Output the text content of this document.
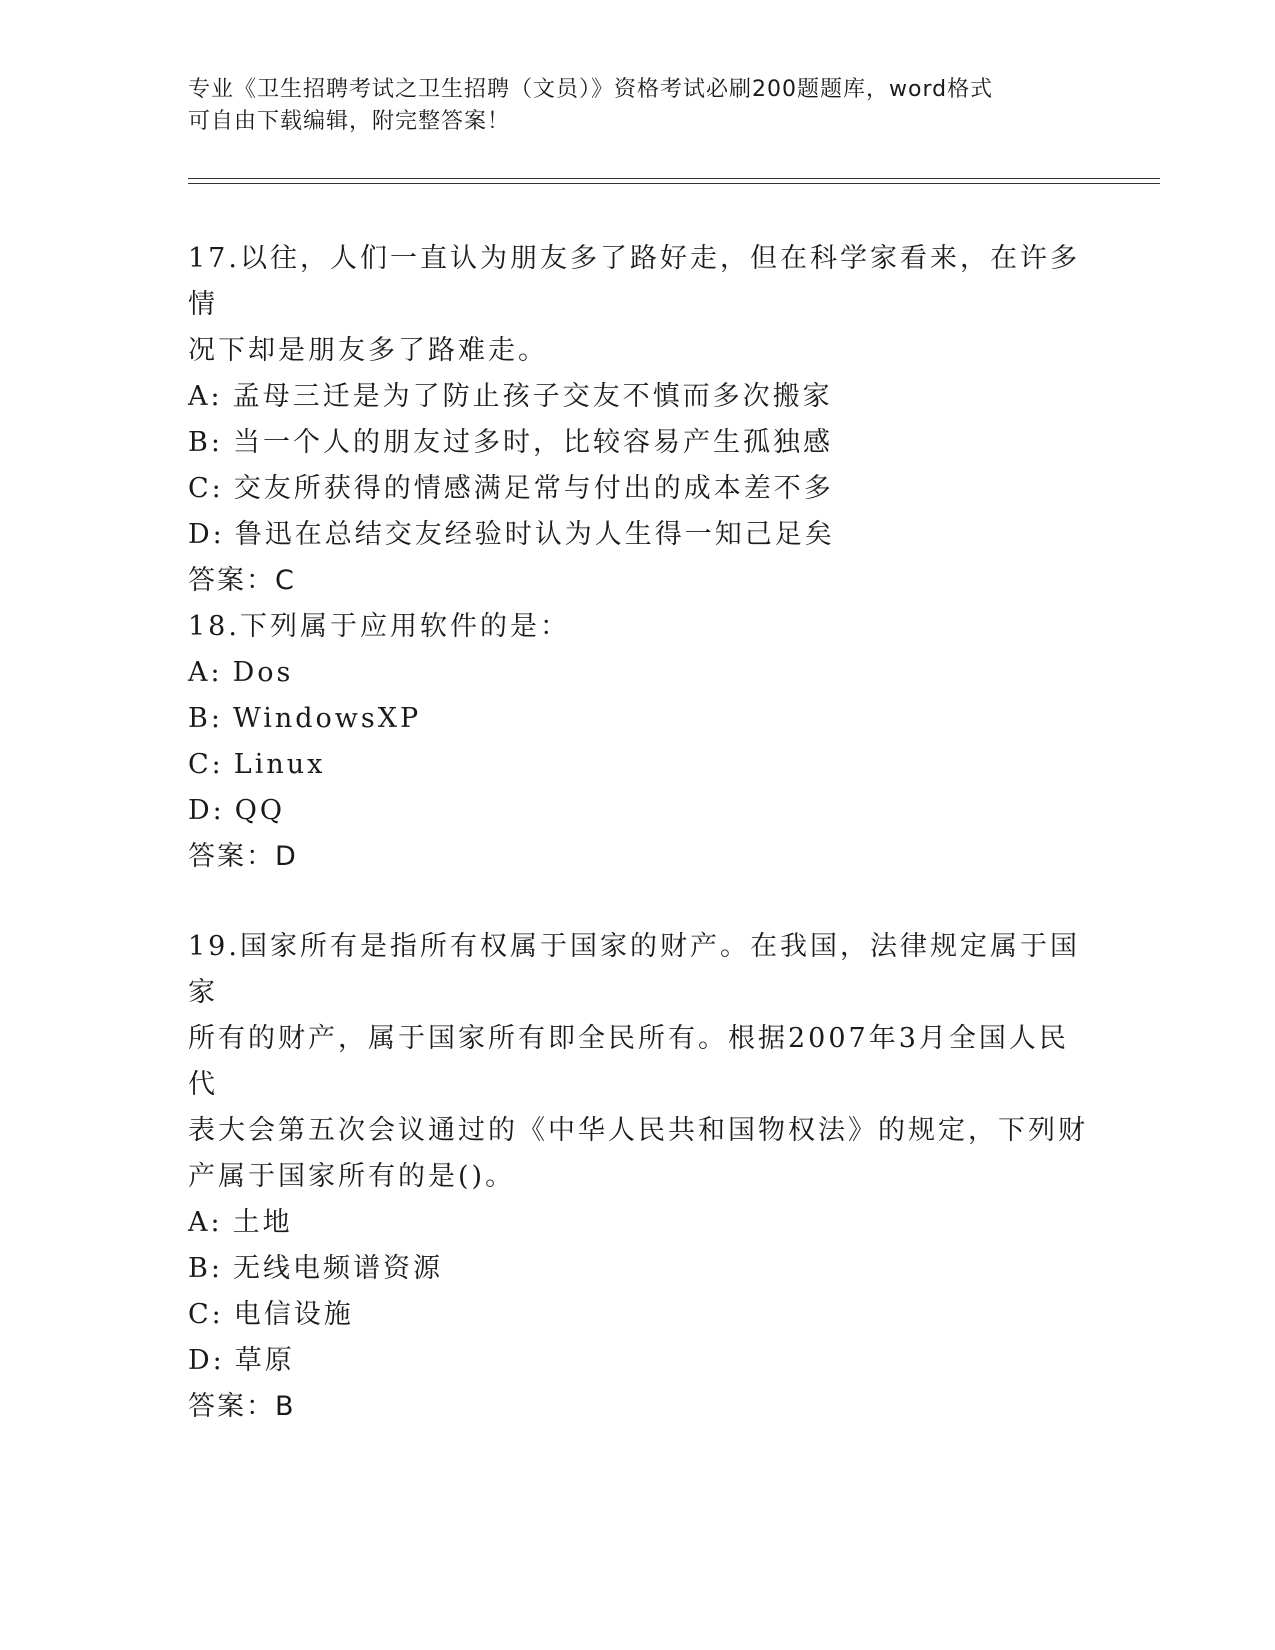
专业《卫生招聘考试之卫生招聘（文员）》资格考试必刷200题题库，word格式
可自由下载编辑，附完整答案！

17.以往，人们一直认为朋友多了路好走，但在科学家看来，在许多情

况下却是朋友多了路难走。

A: 孟母三迁是为了防止孩子交友不慎而多次搬家

B: 当一个人的朋友过多时，比较容易产生孤独感

C: 交友所获得的情感满足常与付出的成本差不多

D: 鲁迅在总结交友经验时认为人生得一知己足矣

答案：C

18.下列属于应用软件的是：

A: Dos

B: WindowsXP

C: Linux

D: QQ

答案：D

19.国家所有是指所有权属于国家的财产。在我国，法律规定属于国家

所有的财产，属于国家所有即全民所有。根据2007年3月全国人民代

表大会第五次会议通过的《中华人民共和国物权法》的规定，下列财

产属于国家所有的是()。

A: 土地

B: 无线电频谱资源

C: 电信设施

D: 草原

答案：B
